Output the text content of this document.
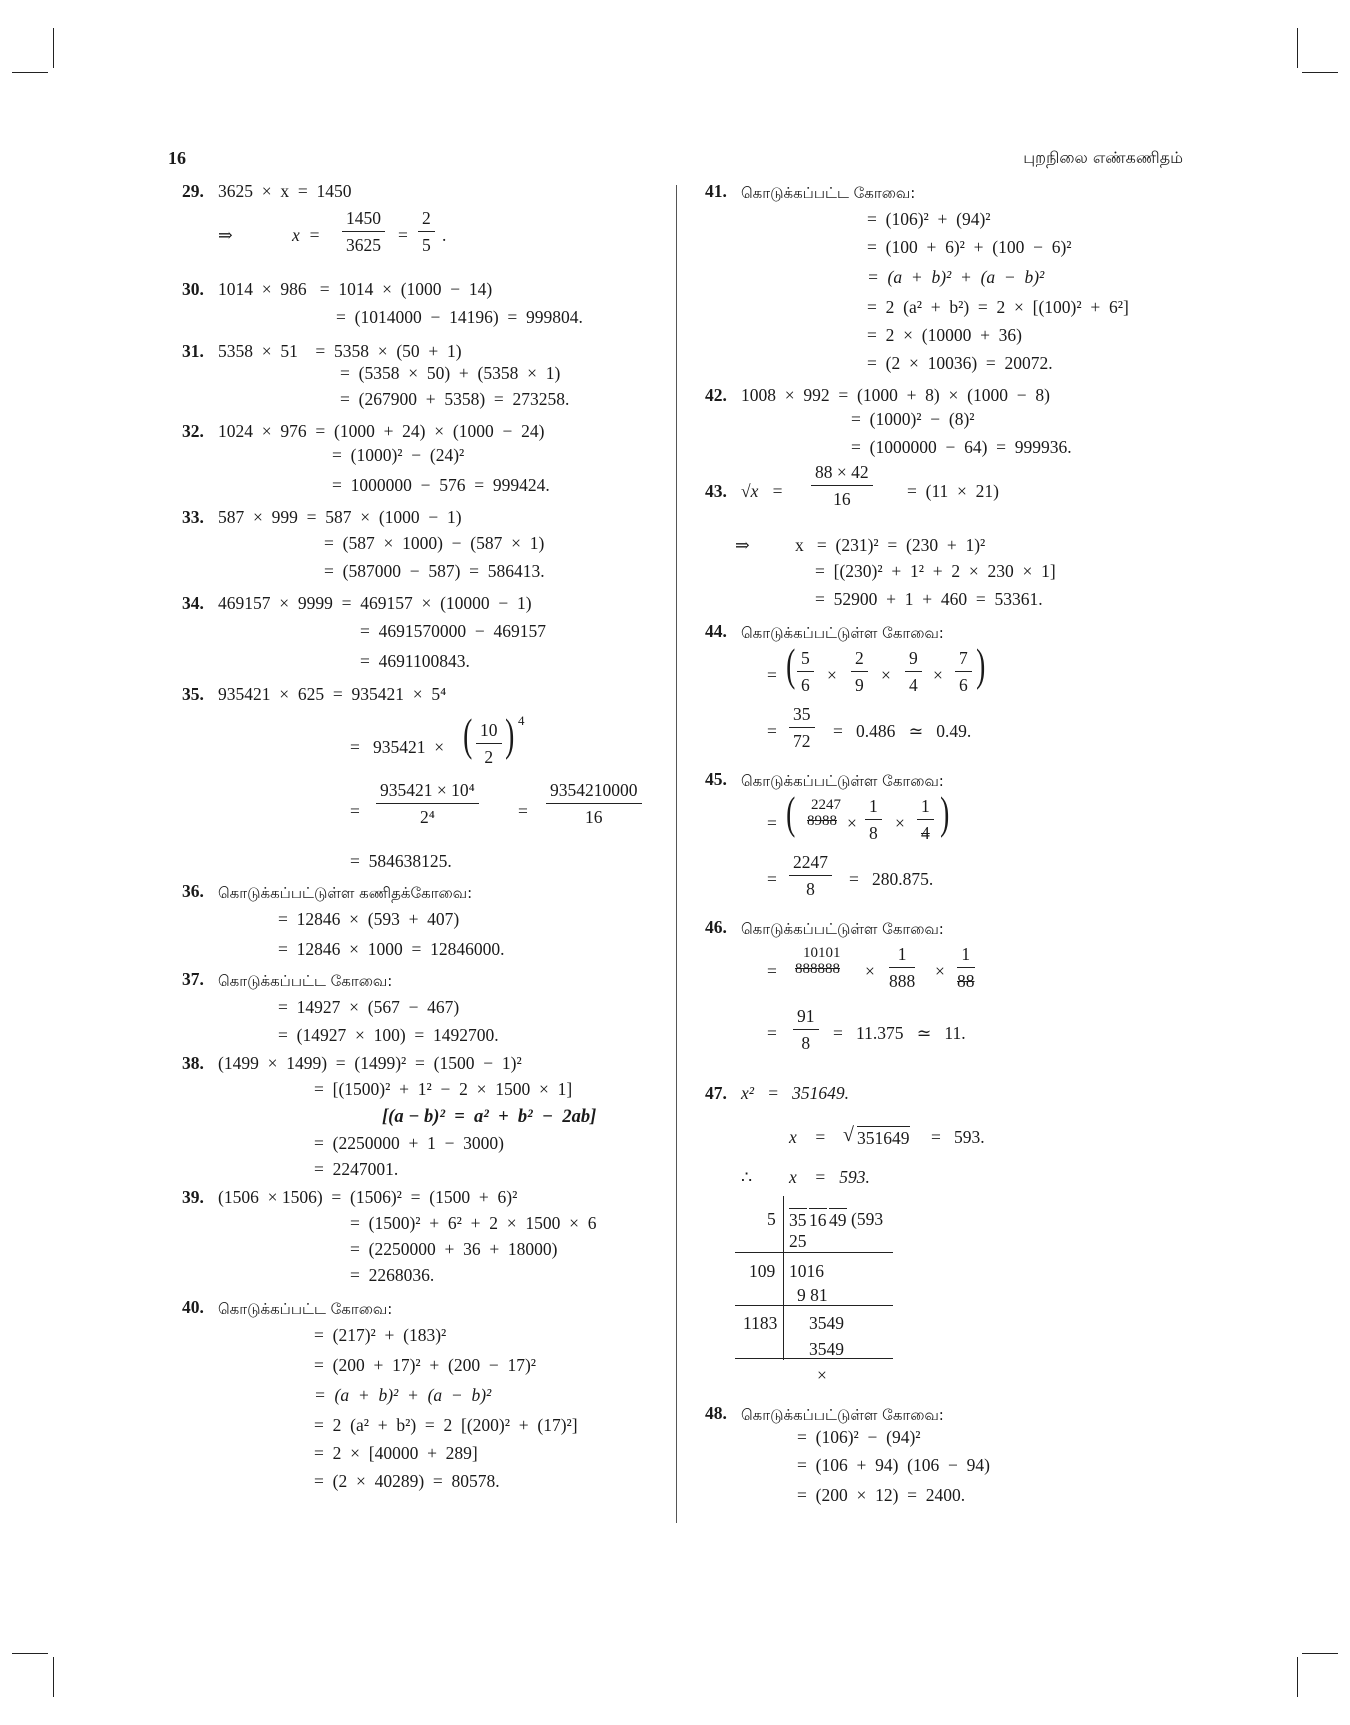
16	புறநிலை எண்கணிதம்
29. 3625  ×  x  =  1450
⇒	$x = \frac{1450}{3625} = \frac{2}{5}$ .
30. 1014  ×  986   =  1014  ×  (1000  −  14)
=  (1014000  −  14196)  =  999804.
31. 5358  ×  51    =  5358  ×  (50  +  1)
=  (5358  ×  50)  +  (5358  ×  1)
=  (267900  +  5358)  =  273258.
32. 1024  ×  976  =  (1000  +  24)  ×  (1000  −  24)
=  (1000)²  −  (24)²
=  1000000  −  576  =  999424.
33. 587  ×  999  =  587  ×  (1000  −  1)
=  (587  ×  1000)  −  (587  ×  1)
=  (587000  −  587)  =  586413.
34. 469157  ×  9999  =  469157  ×  (10000  −  1)
=  4691570000  −  469157
=  4691100843.
35. 935421  ×  625  =  935421  ×  5⁴
=   935421  × ( $\frac{10}{2}$ ) 4
= $\frac{\text{935421 × 10⁴}}{\text{2⁴}} = \frac{9354210000}{16}$
=  584638125.
36. கொடுக்கப்பட்டுள்ள கணிதக்கோவை:
=  12846  ×  (593  +  407)
=  12846  ×  1000  =  12846000.
37. கொடுக்கப்பட்ட கோவை:
=  14927  ×  (567  −  467)
=  (14927  ×  100)  =  1492700.
38. (1499  ×  1499)  =  (1499)²  =  (1500  −  1)²
=  [(1500)²  +  1²  −  2  ×  1500  ×  1]
[(a − b)²  =  a²  +  b²  −  2ab]
=  (2250000  +  1  −  3000)
=  2247001.
39. (1506  × 1506)  =  (1506)²  =  (1500  +  6)²
=  (1500)²  +  6²  +  2  ×  1500  ×  6
=  (2250000  +  36  +  18000)
=  2268036.
40. கொடுக்கப்பட்ட கோவை:
=  (217)²  +  (183)²
=  (200  +  17)²  +  (200  −  17)²
=  (a  +  b)²  +  (a  −  b)²
=  2  (a²  +  b²)  =  2  [(200)²  +  (17)²]
=  2  ×  [40000  +  289]
=  (2  ×  40289)  =  80578.
41. கொடுக்கப்பட்ட கோவை:
=  (106)²  +  (94)²
=  (100  +  6)²  +  (100  −  6)²
=  (a  +  b)²  +  (a  −  b)²
=  2  (a²  +  b²)  =  2  ×  [(100)²  +  6²]
=  2  ×  (10000  +  36)
=  (2  ×  10036)  =  20072.
42. 1008  ×  992  =  (1000  +  8)  ×  (1000  −  8)
=  (1000)²  −  (8)²
=  (1000000  −  64)  =  999936.
43. $√x = \frac{88 \times 42}{16} = (11 \times 21)$
⇒	x   =  (231)²  =  (230  +  1)²
=  [(230)²  +  1²  +  2  ×  230  ×  1]
=  52900  +  1  +  460  =  53361.
44. கொடுக்கப்பட்டுள்ள கோவை:
= ( $\frac{5}{6} \times \frac{2}{9} \times \frac{9}{4} \times \frac{7}{6}$ )
= $\frac{35}{72} = 0.486$   ≃   0.49.
45. கொடுக்கப்பட்டுள்ள கோவை:
= ( 2247
$8988 \times \frac{1}{8} \times \frac{1}{4}$ )
= $\frac{2247}{8} = 280.875$.
46. கொடுக்கப்பட்டுள்ள கோவை:
=
10101
$888888 \times \frac{1}{888} \times \frac{1}{88}$
= $\frac{91}{8} = 11.375$   ≃   11.
47. x²   =   351649.
x    = √ 351649 =   593.
∴ x    =   593.
5 35 16 49 (593
25
109 1016
9 81
1183 3549
3549
×
48. கொடுக்கப்பட்டுள்ள கோவை:
=  (106)²  −  (94)²
=  (106  +  94)  (106  −  94)
=  (200  ×  12)  =  2400.
